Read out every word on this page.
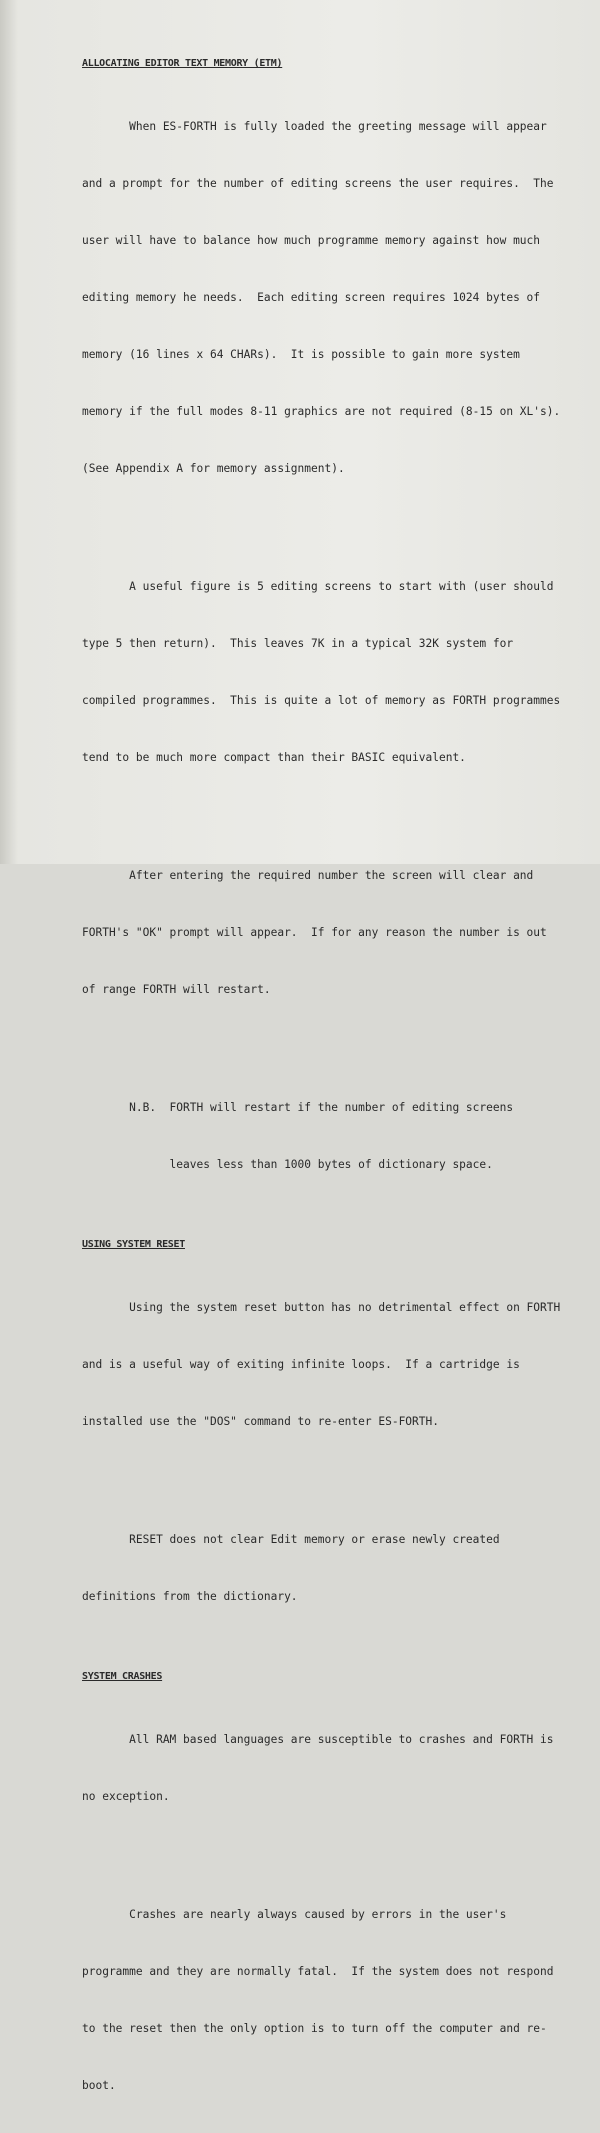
ALLOCATING EDITOR TEXT MEMORY (ETM)

When ES-FORTH is fully loaded the greeting message will appear

and a prompt for the number of editing screens the user requires.  The

user will have to balance how much programme memory against how much

editing memory he needs.  Each editing screen requires 1024 bytes of

memory (16 lines x 64 CHARs).  It is possible to gain more system

memory if the full modes 8-11 graphics are not required (8-15 on XL's).

(See Appendix A for memory assignment).

A useful figure is 5 editing screens to start with (user should

type 5 then return).  This leaves 7K in a typical 32K system for

compiled programmes.  This is quite a lot of memory as FORTH programmes

tend to be much more compact than their BASIC equivalent.

After entering the required number the screen will clear and

FORTH's "OK" prompt will appear.  If for any reason the number is out

of range FORTH will restart.

N.B.  FORTH will restart if the number of editing screens

leaves less than 1000 bytes of dictionary space.

USING SYSTEM RESET

Using the system reset button has no detrimental effect on FORTH

and is a useful way of exiting infinite loops.  If a cartridge is

installed use the "DOS" command to re-enter ES-FORTH.

RESET does not clear Edit memory or erase newly created

definitions from the dictionary.

SYSTEM CRASHES

All RAM based languages are susceptible to crashes and FORTH is

no exception.

Crashes are nearly always caused by errors in the user's

programme and they are normally fatal.  If the system does not respond

to the reset then the only option is to turn off the computer and re-

boot.
